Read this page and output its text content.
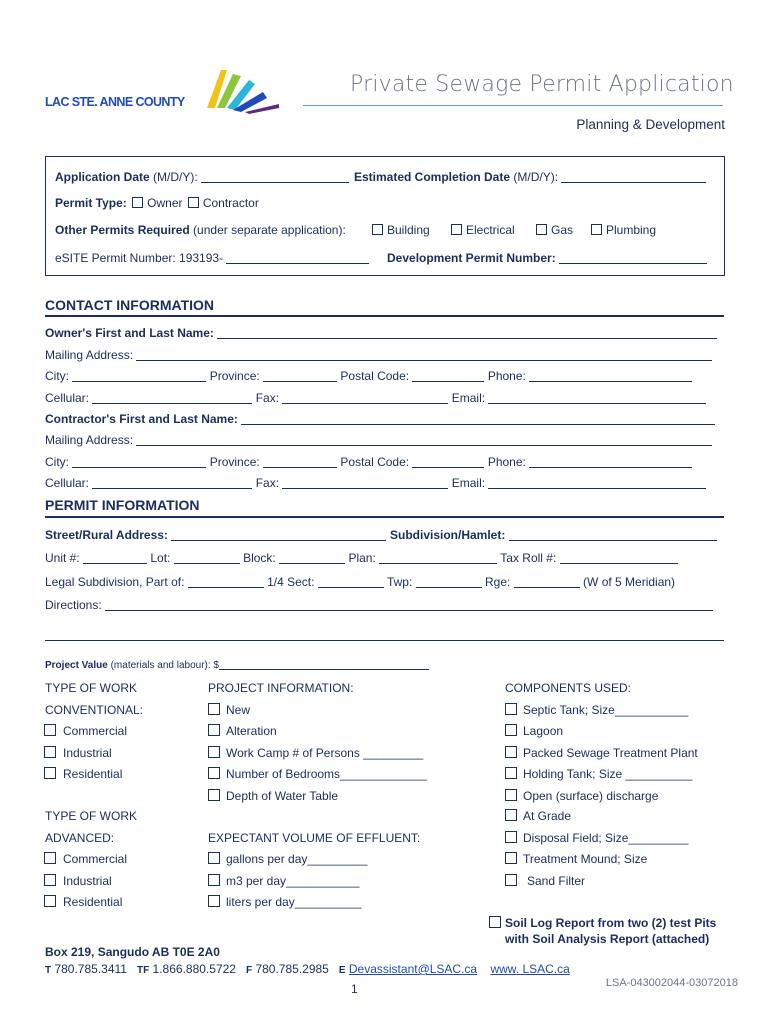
LAC STE. ANNE COUNTY
Private Sewage Permit Application
Planning & Development
Application Date (M/D/Y):	Estimated Completion Date (M/D/Y):
Permit Type: Owner Contractor
Other Permits Required (under separate application):	Building	Electrical	Gas	Plumbing
eSITE Permit Number: 193193-	Development Permit Number:
CONTACT INFORMATION
Owner's First and Last Name:
Mailing Address:
City:	Province:	Postal Code:	Phone:
Cellular:	Fax:	Email:
Contractor's First and Last Name:
Mailing Address:
City:	Province:	Postal Code:	Phone:
Cellular:	Fax:	Email:
PERMIT INFORMATION
Street/Rural Address:	Subdivision/Hamlet:
Unit #:	Lot:	Block:	Plan:	Tax Roll #:
Legal Subdivision, Part of:	1/4 Sect:	Twp:	Rge:	(W of 5 Meridian)
Directions:
Project Value (materials and labour): $
TYPE OF WORK
CONVENTIONAL:
Commercial
Industrial
Residential
TYPE OF WORK
ADVANCED:
Commercial
Industrial
Residential
PROJECT INFORMATION:
New
Alteration
Work Camp # of Persons _________
Number of Bedrooms_____________
Depth of Water Table
EXPECTANT VOLUME OF EFFLUENT:
gallons per day_________
m3 per day___________
liters per day__________
COMPONENTS USED:
Septic Tank; Size___________
Lagoon
Packed Sewage Treatment Plant
Holding Tank; Size __________
Open (surface) discharge
At Grade
Disposal Field; Size_________
Treatment Mound; Size
Sand Filter
Soil Log Report from two (2) test Pits
with Soil Analysis Report (attached)
Box 219, Sangudo AB T0E 2A0
T 780.785.3411 TF 1.866.880.5722 F 780.785.2985 E Devassistant@LSAC.ca www. LSAC.ca
1	LSA-043002044-03072018
